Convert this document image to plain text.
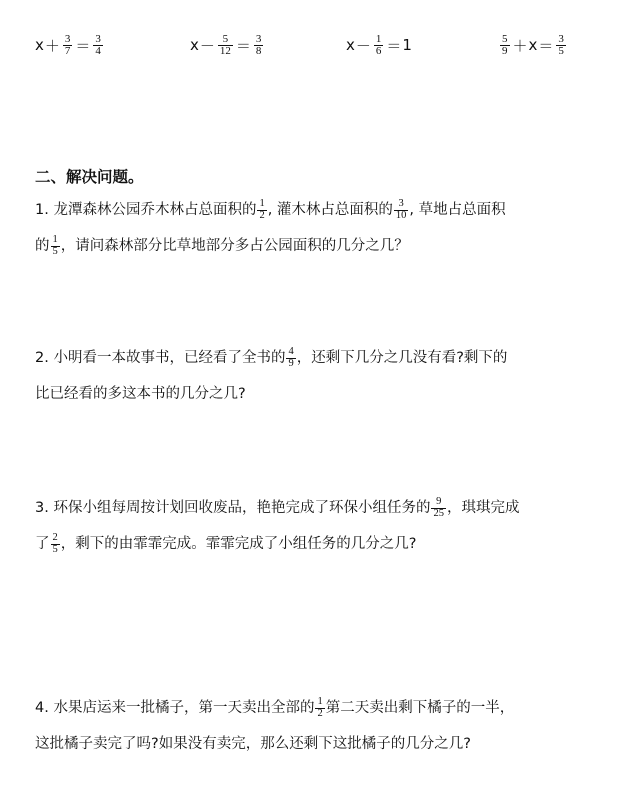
$x + \frac{3}{7} = \frac{3}{4}$	$x - \frac{5}{12} = \frac{3}{8}$	$x - \frac{1}{6} = 1$	$\frac{5}{9} + x = \frac{3}{5}$
二、解决问题。
1. 龙潭森林公园乔木林占总面积的 $\frac{1}{2}$ , 灌木林占总面积的 $\frac{3}{10}$ , 草地占总面积
的 $\frac{1}{5}$ ，请问森林部分比草地部分多占公园面积的几分之几？
2. 小明看一本故事书，已经看了全书的 $\frac{4}{9}$ ，还剩下几分之几没有看?剩下的
比已经看的多这本书的几分之几?
3. 环保小组每周按计划回收废品，艳艳完成了环保小组任务的 $\frac{9}{25}$ ，琪琪完成
了 $\frac{2}{5}$ ，剩下的由霏霏完成。霏霏完成了小组任务的几分之几?
4. 水果店运来一批橘子，第一天卖出全部的 $\frac{1}{2}$ 第二天卖出剩下橘子的一半，
这批橘子卖完了吗?如果没有卖完，那么还剩下这批橘子的几分之几?
